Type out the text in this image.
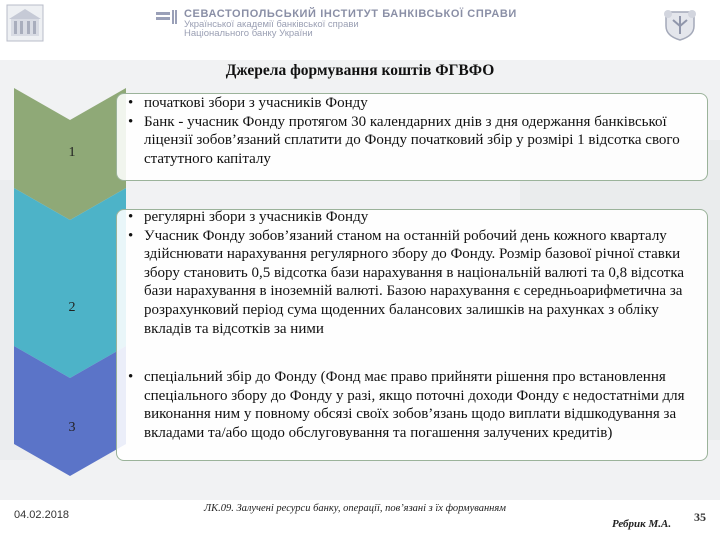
СЕВАСТОПОЛЬСЬКИЙ ІНСТИТУТ БАНКІВСЬКОЇ СПРАВИ
Української академії банківської справи
Національного банку України
Джерела формування коштів ФГВФО
1
2
3
• початкові збори з учасників Фонду
• Банк - учасник Фонду протягом 30 календарних днів з дня одержання банківської ліцензії зобов’язаний сплатити до Фонду початковий збір у розмірі 1 відсотка свого статутного капіталу
• регулярні збори з учасників Фонду
• Учасник Фонду зобов’язаний станом на останній робочий день кожного кварталу здійснювати нарахування регулярного збору до Фонду. Розмір базової річної ставки збору становить 0,5 відсотка бази нарахування в національній валюті та 0,8 відсотка бази нарахування в іноземній валюті. Базою нарахування є середньоарифметична за розрахунковий період сума щоденних балансових залишків на рахунках з обліку вкладів та відсотків за ними
• спеціальний збір до Фонду (Фонд має право прийняти рішення про встановлення спеціального збору до Фонду у разі, якщо поточні доходи Фонду є недостатніми для виконання ним у повному обсязі своїх зобов’язань щодо виплати відшкодування за вкладами та/або щодо обслуговування та погашення залучених кредитів)
04.02.2018
ЛК.09. Залучені ресурси банку, операції, пов’язані з їх формуванням
Ребрик М.А. 35
